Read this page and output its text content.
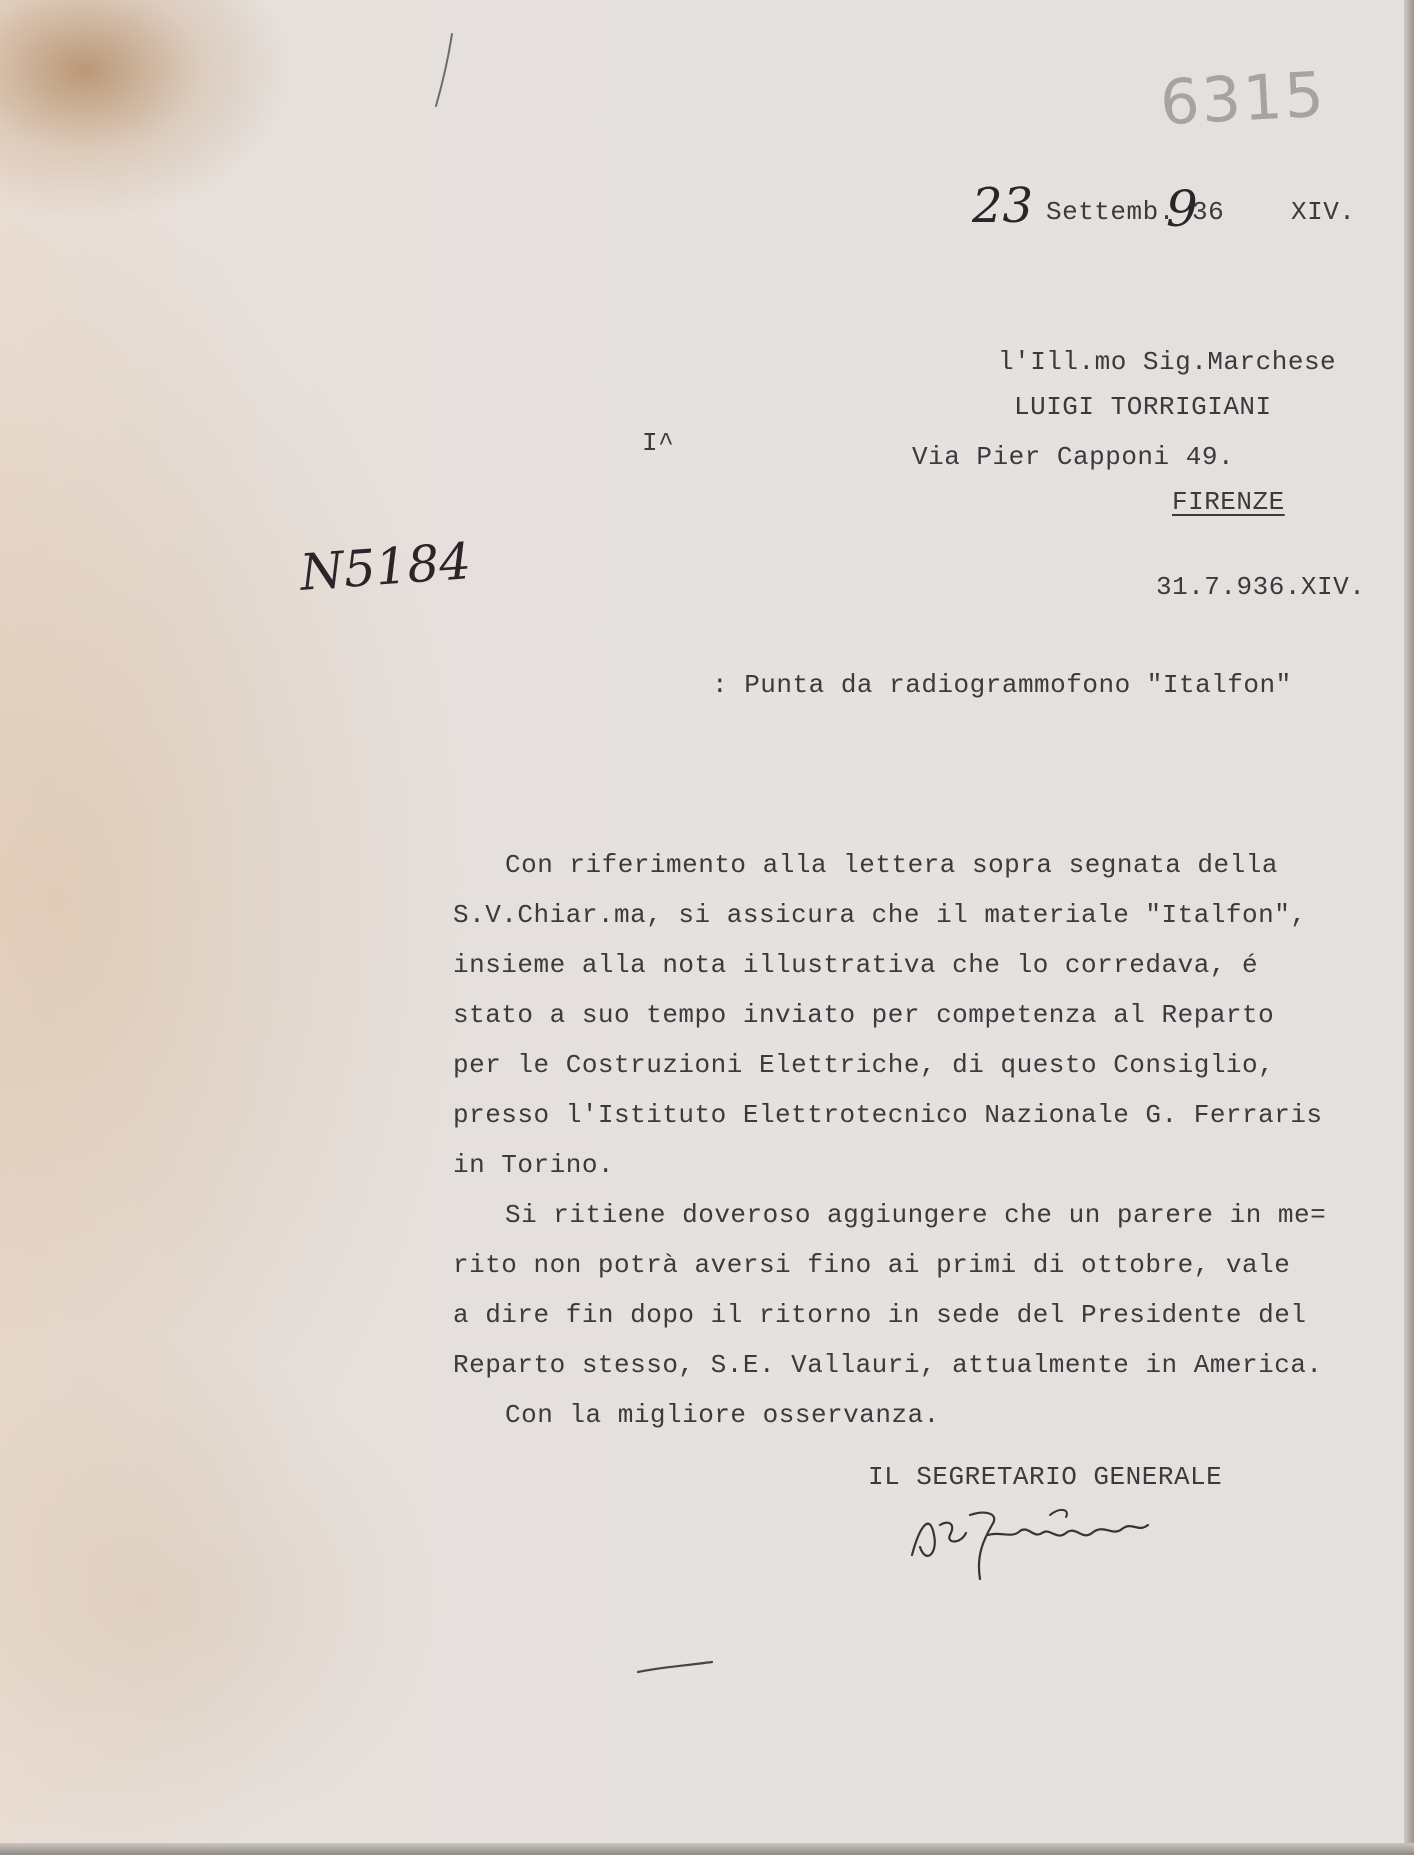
6315
23 Settemb.
9
36	XIV.
l'Ill.mo Sig.Marchese
LUIGI TORRIGIANI
Via Pier Capponi 49.
FIRENZE
I^
N5184	31.7.936.XIV.
: Punta da radiogrammofono "Italfon"
Con riferimento alla lettera sopra segnata della
S.V.Chiar.ma, si assicura che il materiale "Italfon",
insieme alla nota illustrativa che lo corredava, é
stato a suo tempo inviato per competenza al Reparto
per le Costruzioni Elettriche, di questo Consiglio,
presso l'Istituto Elettrotecnico Nazionale G. Ferraris
in Torino.
Si ritiene doveroso aggiungere che un parere in me=
rito non potrà aversi fino ai primi di ottobre, vale
a dire fin dopo il ritorno in sede del Presidente del
Reparto stesso, S.E. Vallauri, attualmente in America.
Con la migliore osservanza.
IL SEGRETARIO GENERALE
